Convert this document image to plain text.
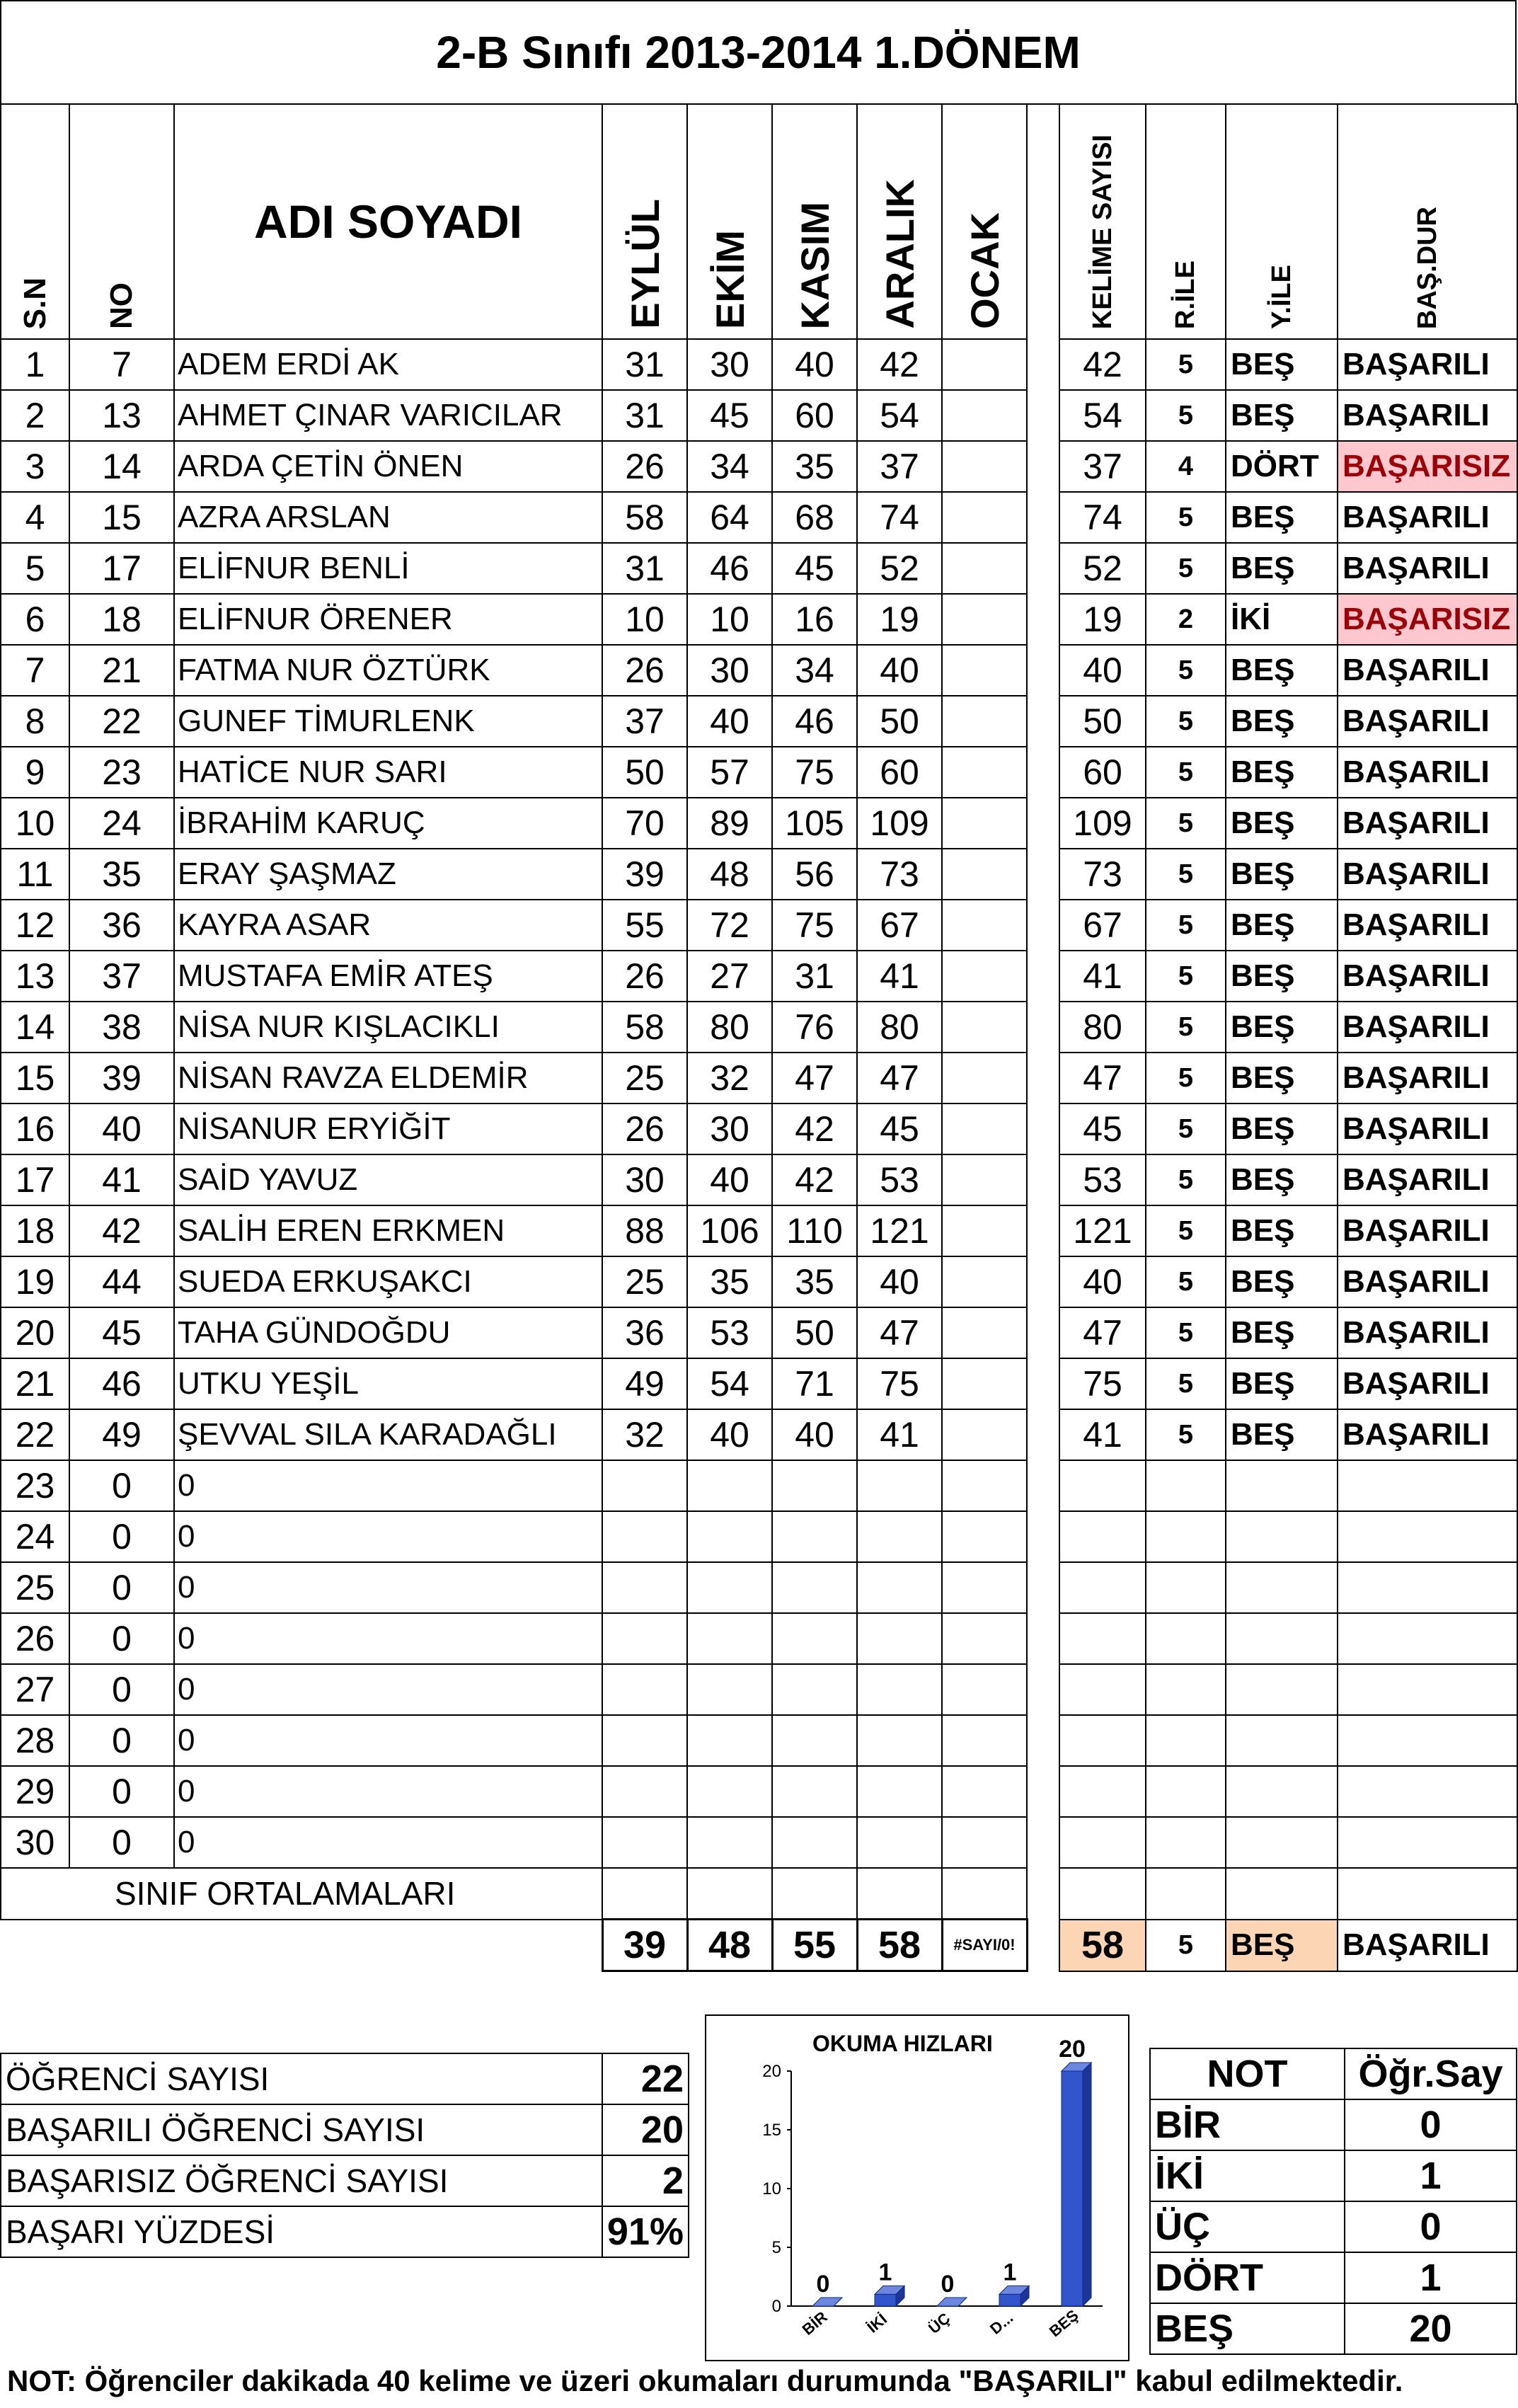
2-B Sınıfı 2013-2014 1.DÖNEM
S.N	NO	ADI SOYADI	EYLÜL	EKİM	KASIM	ARALIK	OCAK		KELİME SAYISI	R.İLE	Y.İLE	BAŞ.DUR
1	7	ADEM ERDİ AK	31	30	40	42			42	5	BEŞ	BAŞARILI
2	13	AHMET ÇINAR VARICILAR	31	45	60	54			54	5	BEŞ	BAŞARILI
3	14	ARDA ÇETİN ÖNEN	26	34	35	37			37	4	DÖRT	BAŞARISIZ
4	15	AZRA ARSLAN	58	64	68	74			74	5	BEŞ	BAŞARILI
5	17	ELİFNUR BENLİ	31	46	45	52			52	5	BEŞ	BAŞARILI
6	18	ELİFNUR ÖRENER	10	10	16	19			19	2	İKİ	BAŞARISIZ
7	21	FATMA NUR ÖZTÜRK	26	30	34	40			40	5	BEŞ	BAŞARILI
8	22	GUNEF TİMURLENK	37	40	46	50			50	5	BEŞ	BAŞARILI
9	23	HATİCE NUR SARI	50	57	75	60			60	5	BEŞ	BAŞARILI
10	24	İBRAHİM KARUÇ	70	89	105	109			109	5	BEŞ	BAŞARILI
11	35	ERAY ŞAŞMAZ	39	48	56	73			73	5	BEŞ	BAŞARILI
12	36	KAYRA ASAR	55	72	75	67			67	5	BEŞ	BAŞARILI
13	37	MUSTAFA EMİR ATEŞ	26	27	31	41			41	5	BEŞ	BAŞARILI
14	38	NİSA NUR KIŞLACIKLI	58	80	76	80			80	5	BEŞ	BAŞARILI
15	39	NİSAN RAVZA ELDEMİR	25	32	47	47			47	5	BEŞ	BAŞARILI
16	40	NİSANUR ERYİĞİT	26	30	42	45			45	5	BEŞ	BAŞARILI
17	41	SAİD YAVUZ	30	40	42	53			53	5	BEŞ	BAŞARILI
18	42	SALİH EREN ERKMEN	88	106	110	121			121	5	BEŞ	BAŞARILI
19	44	SUEDA ERKUŞAKCI	25	35	35	40			40	5	BEŞ	BAŞARILI
20	45	TAHA GÜNDOĞDU	36	53	50	47			47	5	BEŞ	BAŞARILI
21	46	UTKU YEŞİL	49	54	71	75			75	5	BEŞ	BAŞARILI
22	49	ŞEVVAL SILA KARADAĞLI	32	40	40	41			41	5	BEŞ	BAŞARILI
23	0	0										
24	0	0										
25	0	0										
26	0	0										
27	0	0										
28	0	0										
29	0	0										
30	0	0										
SINIF ORTALAMALARI												
			39	48	55	58	#SAYI/0!		58	5	BEŞ	BAŞARILI
ÖĞRENCİ SAYISI	22
BAŞARILI ÖĞRENCİ SAYISI	20
BAŞARISIZ ÖĞRENCİ SAYISI	2
BAŞARI YÜZDESİ	91%
0
5
10
15
20
OKUMA HIZLARI
0
BİR
1
İKİ
0
ÜÇ
1
D...
20
BEŞ
NOT	Öğr.Say
BİR	0
İKİ	1
ÜÇ	0
DÖRT	1
BEŞ	20
NOT: Öğrenciler dakikada 40 kelime ve üzeri okumaları durumunda "BAŞARILI" kabul edilmektedir.
